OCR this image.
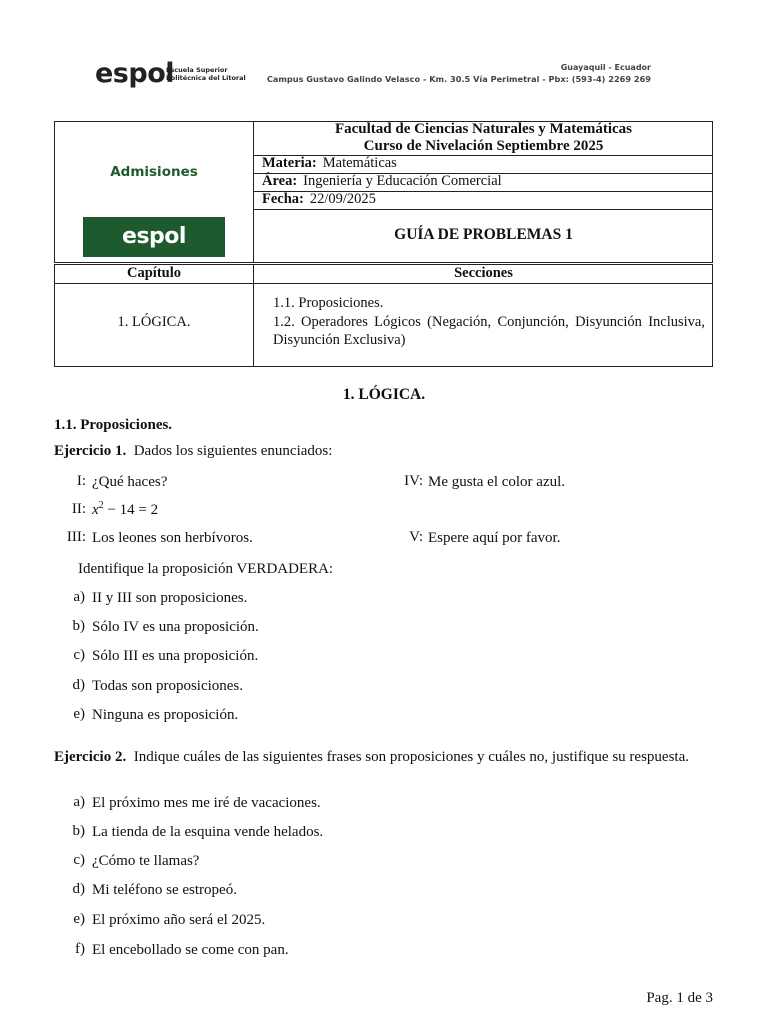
espol
Escuela Superior
Politécnica del Litoral
Guayaquil - Ecuador
Campus Gustavo Galindo Velasco - Km. 30.5 Vía Perimetral - Pbx: (593-4) 2269 269
Admisiones
espol
Facultad de Ciencias Naturales y Matemáticas
Curso de Nivelación Septiembre 2025
Materia: Matemáticas
Área: Ingeniería y Educación Comercial
Fecha: 22/09/2025
GUÍA DE PROBLEMAS 1
Capítulo	Secciones
1. LÓGICA.
1.1. Proposiciones.
1.2. Operadores Lógicos (Negación, Conjunción, Disyunción Inclusiva, Disyunción Exclusiva)
1. LÓGICA.
1.1. Proposiciones.
Ejercicio 1. Dados los siguientes enunciados:
I: ¿Qué haces?
II: $x^2 - 14 = 2$
III: Los leones son herbívoros.
IV: Me gusta el color azul.
V: Espere aquí por favor.
Identifique la proposición VERDADERA:
a) II y III son proposiciones.
b) Sólo IV es una proposición.
c) Sólo III es una proposición.
d) Todas son proposiciones.
e) Ninguna es proposición.
Ejercicio 2. Indique cuáles de las siguientes frases son proposiciones y cuáles no, justifique su respuesta.
a) El próximo mes me iré de vacaciones.
b) La tienda de la esquina vende helados.
c) ¿Cómo te llamas?
d) Mi teléfono se estropeó.
e) El próximo año será el 2025.
f) El encebollado se come con pan.
Pag. 1 de 3
